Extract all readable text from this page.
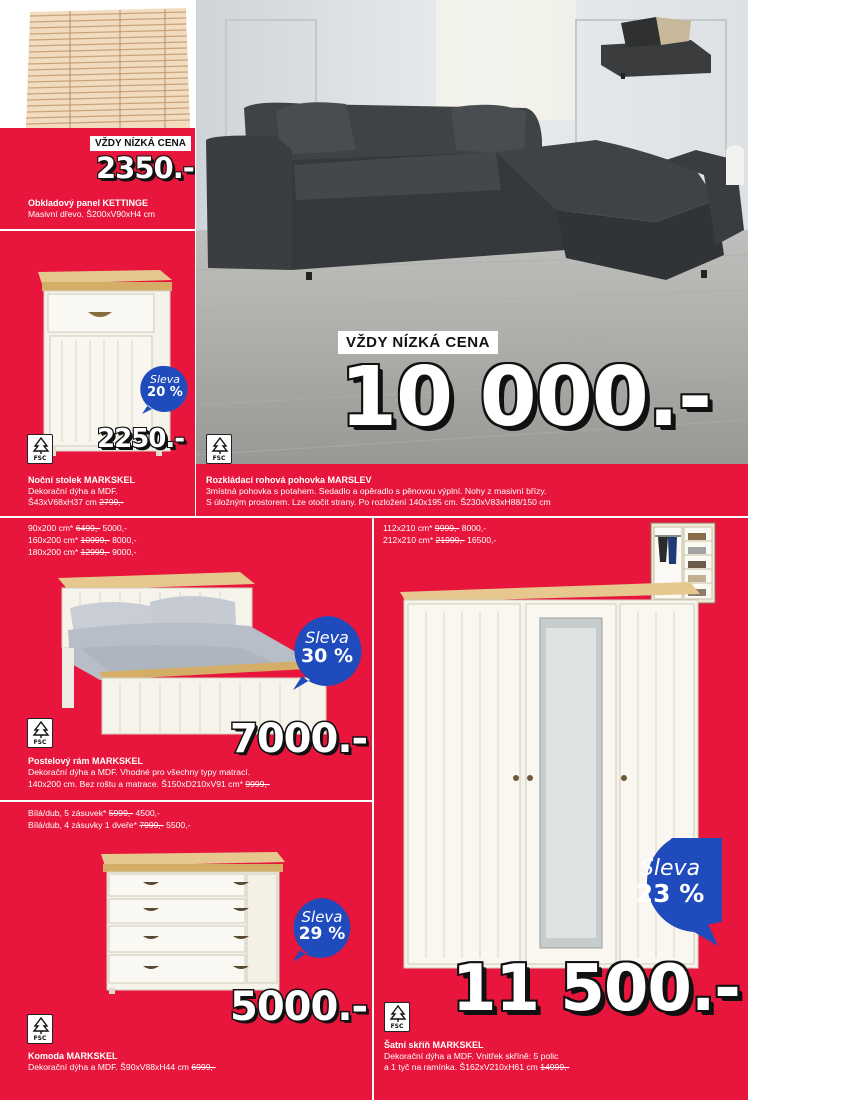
VŽDY NÍZKÁ CENA
2350.-
Obkladový panel KETTINGE
Masivní dřevo. Š200xV90xH4 cm
Sleva
20 %
FSC
2250.-
Noční stolek MARKSKEL
Dekorační dýha a MDF.
Š43xV68xH37 cm 2799,-
VŽDY NÍZKÁ CENA
10 000.-
FSC
Rozkládací rohová pohovka MARSLEV
3místná pohovka s potahem. Sedadlo a opěradlo s pěnovou výplní. Nohy z masivní břízy.
S úložným prostorem. Lze otočit strany. Po rozložení 140x195 cm. Š230xV83xH88/150 cm
90x200 cm* 6499,- 5000,-
160x200 cm* 10999,- 8000,-
180x200 cm* 12999,- 9000,-
Sleva
30 %
FSC	7000.-
Postelový rám MARKSKEL
Dekorační dýha a MDF. Vhodné pro všechny typy matrací.
140x200 cm. Bez roštu a matrace. Š150xD210xV91 cm* 9999,-
Bílá/dub, 5 zásuvek* 5999,- 4500,-
Bílá/dub, 4 zásuvky 1 dveře* 7999,- 5500,-
Sleva
29 %
5000.-
FSC
Komoda MARKSKEL
Dekorační dýha a MDF. Š90xV88xH44 cm 6999,-
112x210 cm* 9999,- 8000,-
212x210 cm* 21999,- 16500,-
Sleva
23 %
11 500.-
FSC
Šatní skříň MARKSKEL
Dekorační dýha a MDF. Vnitřek skříně: 5 polic
a 1 tyč na ramínka. Š162xV210xH61 cm 14999,-
